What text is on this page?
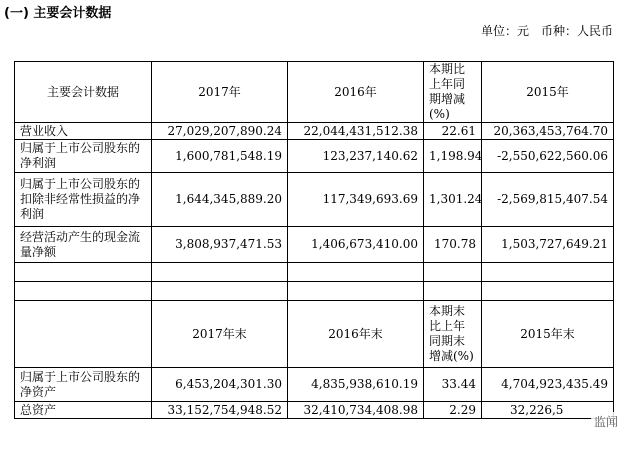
(一) 主要会计数据
单位：元　币种：人民币
主要会计数据	2017年	2016年	本期比上年同期增减(%)	2015年
营业收入	27,029,207,890.24	22,044,431,512.38	22.61	20,363,453,764.70
归属于上市公司股东的净利润	1,600,781,548.19	123,237,140.62	1,198.94	-2,550,622,560.06
归属于上市公司股东的扣除非经常性损益的净利润	1,644,345,889.20	117,349,693.69	1,301.24	-2,569,815,407.54
经营活动产生的现金流量净额	3,808,937,471.53	1,406,673,410.00	170.78	1,503,727,649.21

	2017年末	2016年末	本期末比上年同期末增减(%)	2015年末
归属于上市公司股东的净资产	6,453,204,301.30	4,835,938,610.19	33.44	4,704,923,435.49
总资产	33,152,754,948.52	32,410,734,408.98	2.29	32,226,5
监闻
